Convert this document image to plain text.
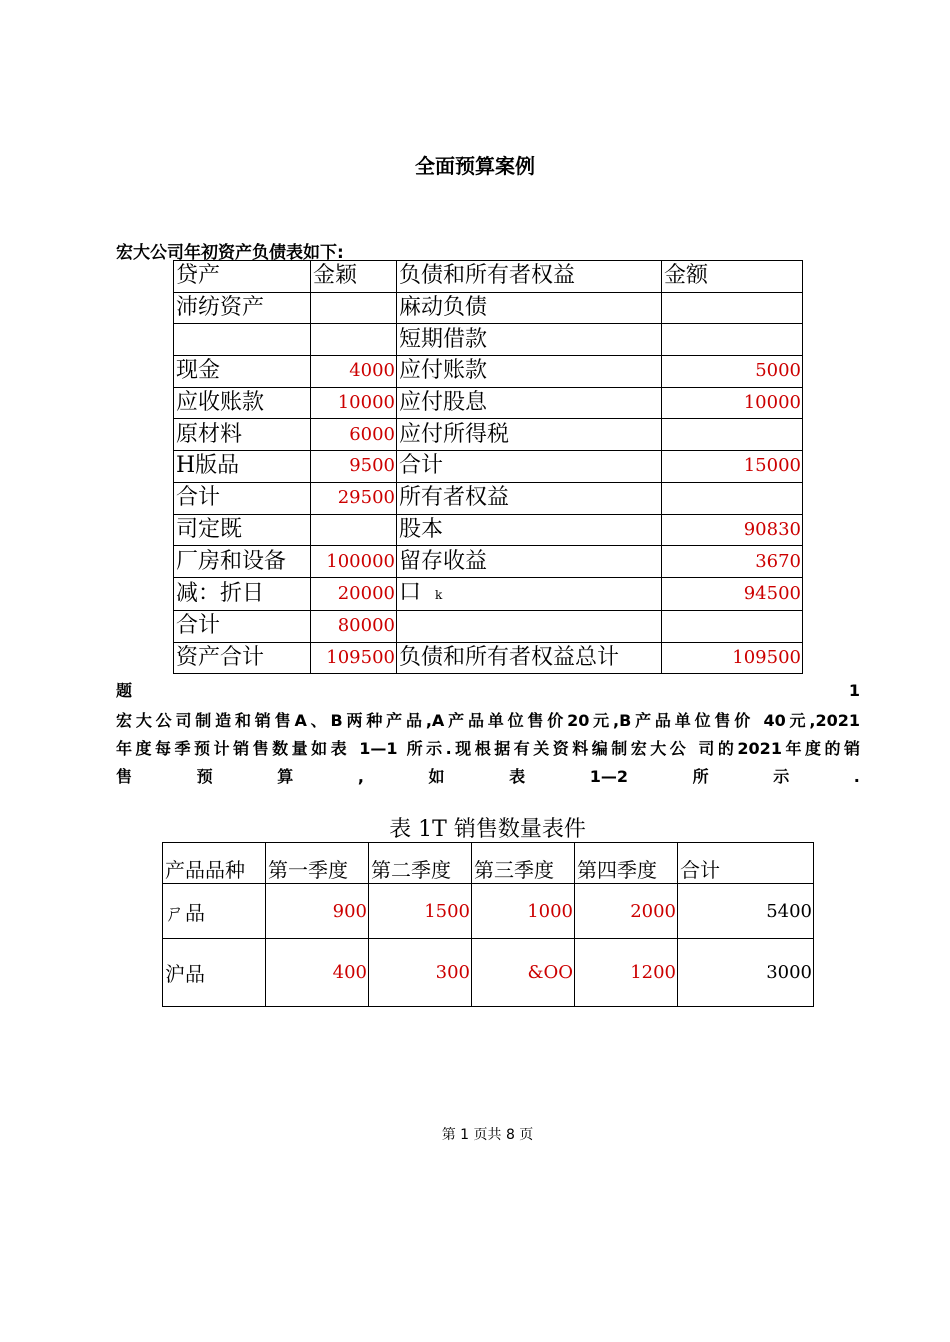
全面预算案例
宏大公司年初资产负债表如下:
贷产	金颖	负债和所有者权益	金额
沛纺资产		麻动负债	
		短期借款	
现金	4000	应付账款	5000
应收账款	10000	应付股息	10000
原材料	6000	应付所得税	
H版品	9500	合计	15000
合计	29500	所有者权益	
司定既		股本	90830
厂房和设备	100000	留存收益	3670
减：折日	20000	口 k	94500
合计	80000		
资产合计	109500	负债和所有者权益总计	109500
题	1
宏大公司制造和销售A、B两种产品,A产品单位售价20元,B产品单位售价 40元,2021
年度每季预计销售数量如表 1—1 所示.现根据有关资料编制宏大公 司的2021年度的销
售	预	算	,	如	表	1—2	所	示	.
表 1T 销售数量表件
产品品种	第一季度	第二季度	第三季度	第四季度	合计
ㄕ品	900	1500	1000	2000	5400
沪品	400	300	&OO	1200	3000
第 1 页共 8 页
